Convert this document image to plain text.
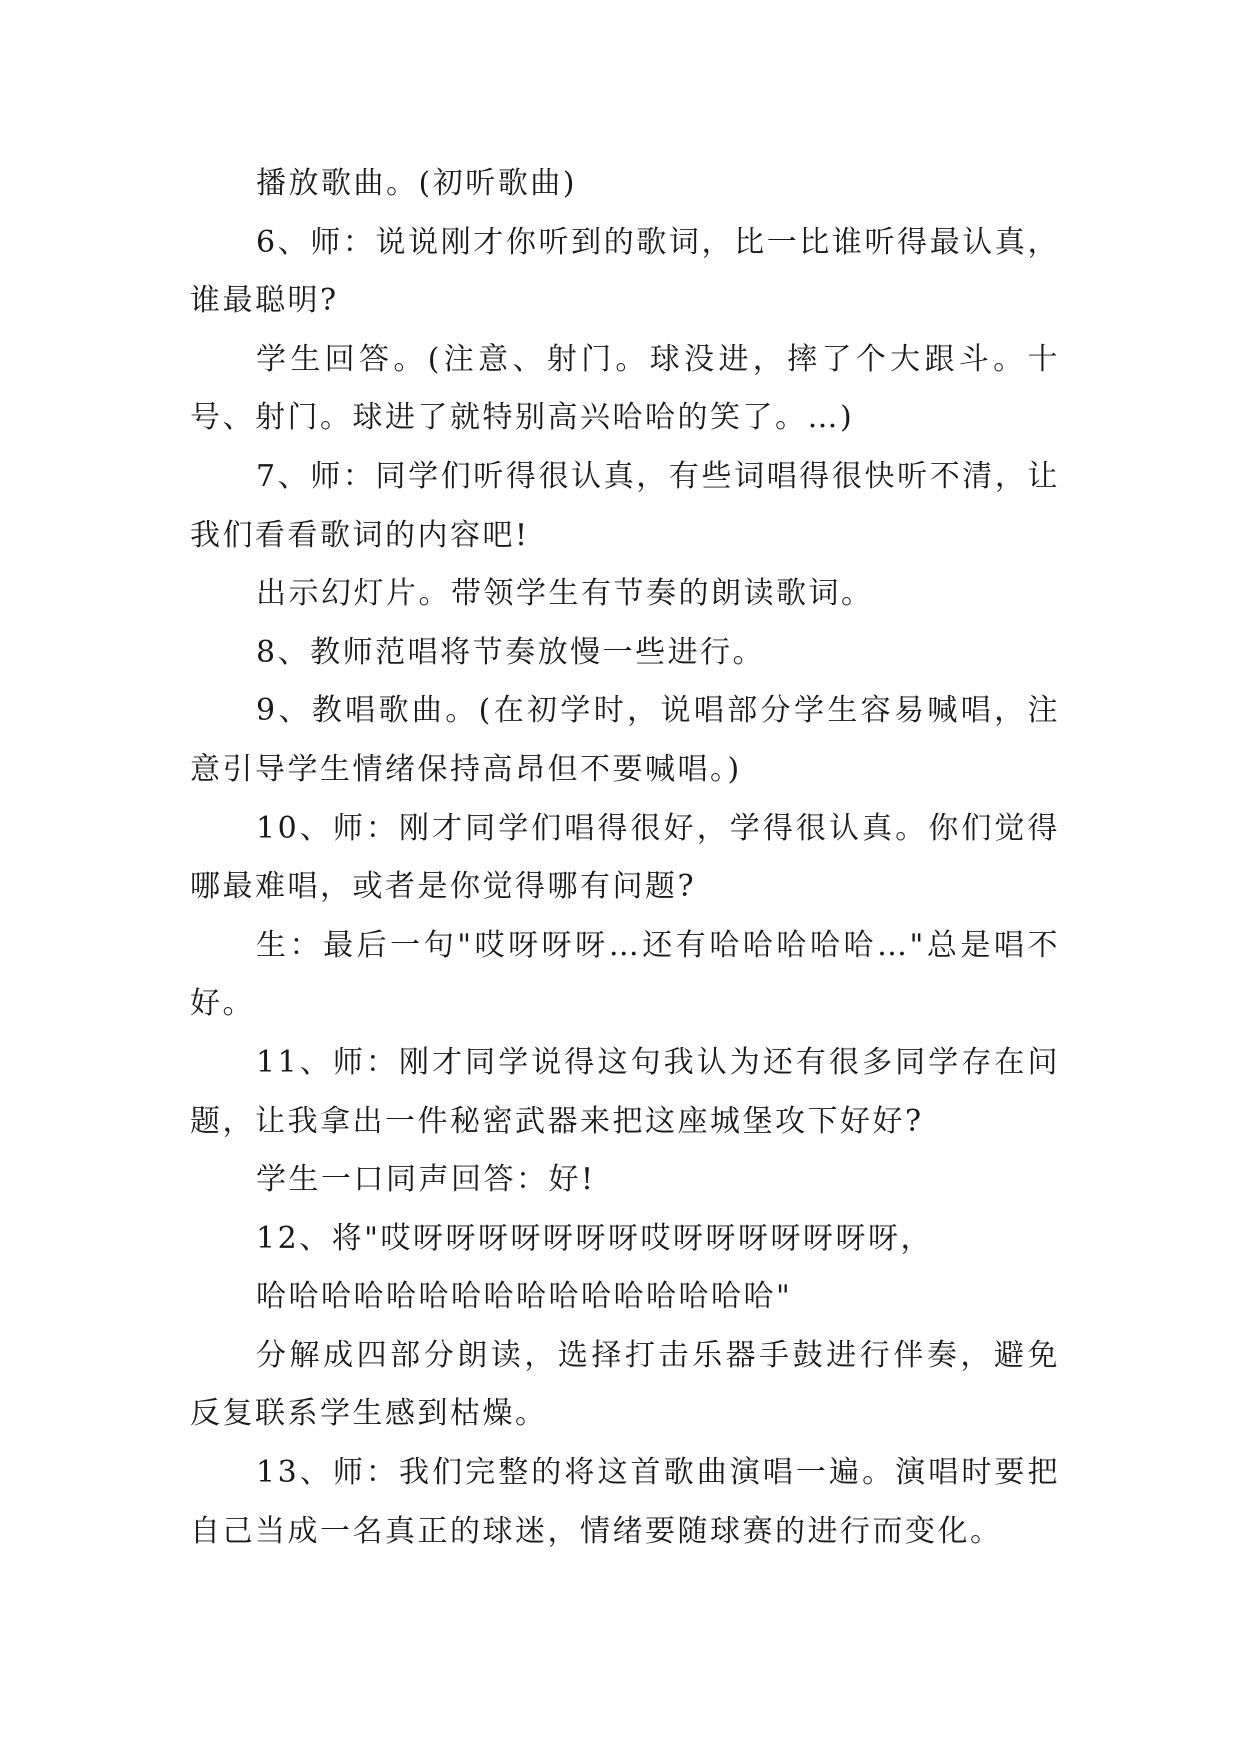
播放歌曲。(初听歌曲)

6、师：说说刚才你听到的歌词，比一比谁听得最认真，谁最聪明?

学生回答。(注意、射门。球没进，摔了个大跟斗。十号、射门。球进了就特别高兴哈哈的笑了。…)

7、师：同学们听得很认真，有些词唱得很快听不清，让我们看看歌词的内容吧!

出示幻灯片。带领学生有节奏的朗读歌词。

8、教师范唱将节奏放慢一些进行。

9、教唱歌曲。(在初学时，说唱部分学生容易喊唱，注意引导学生情绪保持高昂但不要喊唱。)

10、师：刚才同学们唱得很好，学得很认真。你们觉得哪最难唱，或者是你觉得哪有问题?

生：最后一句"哎呀呀呀…还有哈哈哈哈哈…"总是唱不好。

11、师：刚才同学说得这句我认为还有很多同学存在问题，让我拿出一件秘密武器来把这座城堡攻下好好?

学生一口同声回答：好!

12、将"哎呀呀呀呀呀呀呀哎呀呀呀呀呀呀呀，

哈哈哈哈哈哈哈哈哈哈哈哈哈哈哈哈"

分解成四部分朗读，选择打击乐器手鼓进行伴奏，避免反复联系学生感到枯燥。

13、师：我们完整的将这首歌曲演唱一遍。演唱时要把自己当成一名真正的球迷，情绪要随球赛的进行而变化。
